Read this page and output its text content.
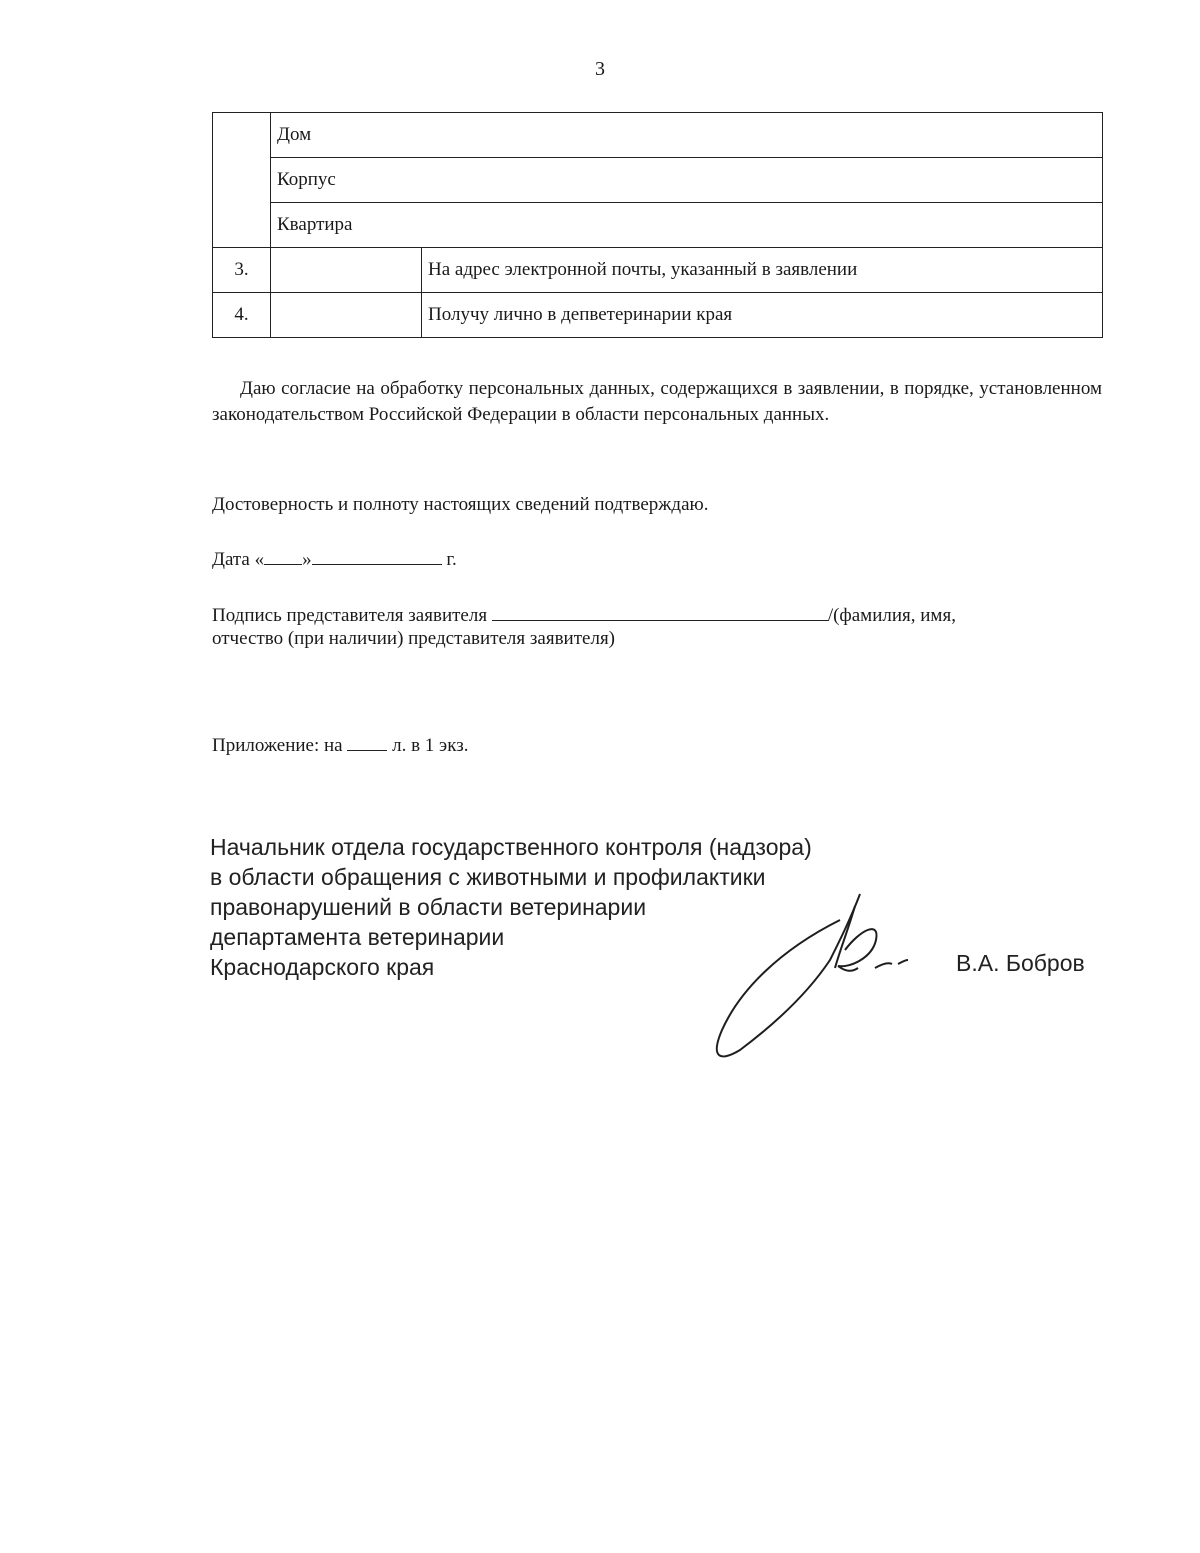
3
	Дом	
	Корпус	
	Квартира	
3.		На адрес электронной почты, указанный в заявлении
4.		Получу лично в депветеринарии края

Даю согласие на обработку персональных данных, содержащихся в заявлении, в порядке, установленном законодательством Российской Федерации в области персональных данных.

Достоверность и полноту настоящих сведений подтверждаю.
Дата « »	г.
Подпись представителя заявителя	/(фамилия, имя,
отчество (при наличии) представителя заявителя)
Приложение: на	л. в 1 экз.
Начальник отдела государственного контроля (надзора)
в области обращения с животными и профилактики
правонарушений в области ветеринарии
департамента ветеринарии
Краснодарского края	В.А. Бобров
